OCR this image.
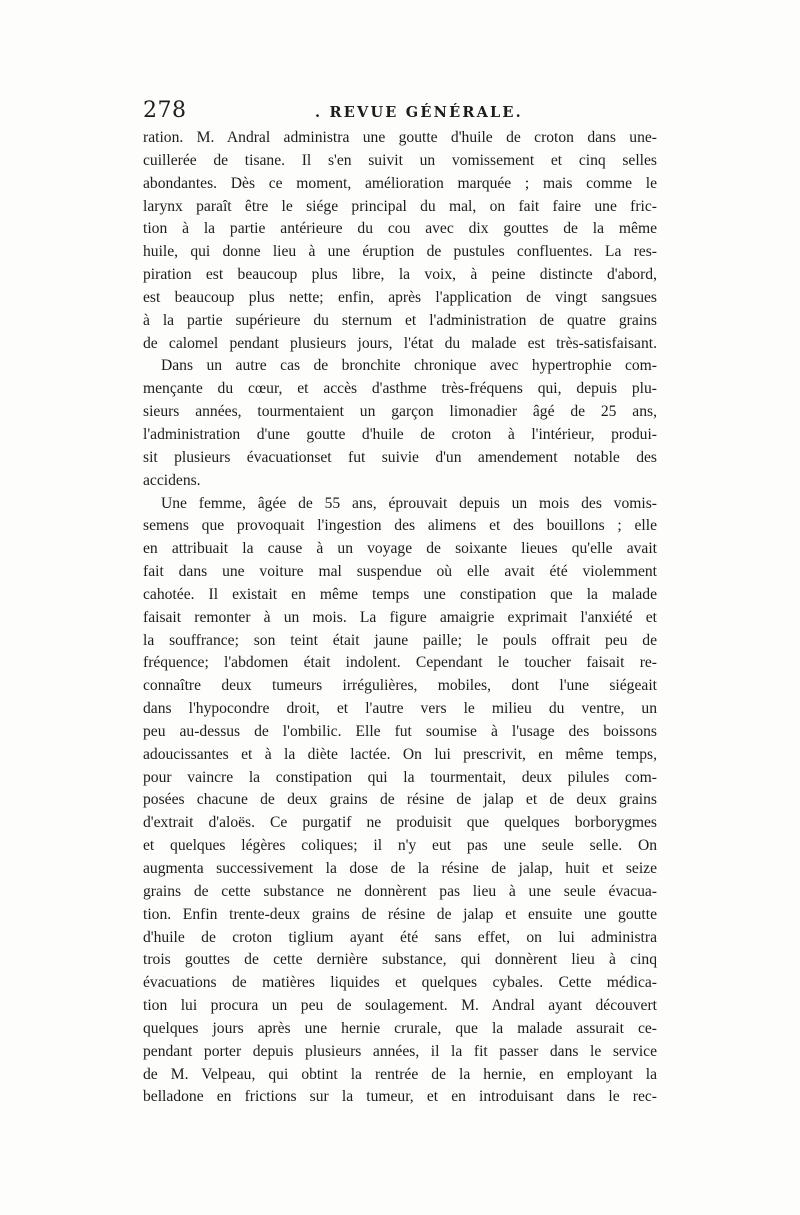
278	. REVUE GÉNÉRALE.
ration. M. Andral administra une goutte d'huile de croton dans une-
cuillerée de tisane. Il s'en suivit un vomissement et cinq selles
abondantes. Dès ce moment, amélioration marquée ; mais comme le
larynx paraît être le siége principal du mal, on fait faire une fric-
tion à la partie antérieure du cou avec dix gouttes de la même
huile, qui donne lieu à une éruption de pustules confluentes. La res-
piration est beaucoup plus libre, la voix, à peine distincte d'abord,
est beaucoup plus nette; enfin, après l'application de vingt sangsues
à la partie supérieure du sternum et l'administration de quatre grains
de calomel pendant plusieurs jours, l'état du malade est très-satisfaisant.
Dans un autre cas de bronchite chronique avec hypertrophie com-
mençante du cœur, et accès d'asthme très-fréquens qui, depuis plu-
sieurs années, tourmentaient un garçon limonadier âgé de 25 ans,
l'administration d'une goutte d'huile de croton à l'intérieur, produi-
sit plusieurs évacuationset fut suivie d'un amendement notable des
accidens.
Une femme, âgée de 55 ans, éprouvait depuis un mois des vomis-
semens que provoquait l'ingestion des alimens et des bouillons ; elle
en attribuait la cause à un voyage de soixante lieues qu'elle avait
fait dans une voiture mal suspendue où elle avait été violemment
cahotée. Il existait en même temps une constipation que la malade
faisait remonter à un mois. La figure amaigrie exprimait l'anxiété et
la souffrance; son teint était jaune paille; le pouls offrait peu de
fréquence; l'abdomen était indolent. Cependant le toucher faisait re-
connaître deux tumeurs irrégulières, mobiles, dont l'une siégeait
dans l'hypocondre droit, et l'autre vers le milieu du ventre, un
peu au-dessus de l'ombilic. Elle fut soumise à l'usage des boissons
adoucissantes et à la diète lactée. On lui prescrivit, en même temps,
pour vaincre la constipation qui la tourmentait, deux pilules com-
posées chacune de deux grains de résine de jalap et de deux grains
d'extrait d'aloës. Ce purgatif ne produisit que quelques borborygmes
et quelques légères coliques; il n'y eut pas une seule selle. On
augmenta successivement la dose de la résine de jalap, huit et seize
grains de cette substance ne donnèrent pas lieu à une seule évacua-
tion. Enfin trente-deux grains de résine de jalap et ensuite une goutte
d'huile de croton tiglium ayant été sans effet, on lui administra
trois gouttes de cette dernière substance, qui donnèrent lieu à cinq
évacuations de matières liquides et quelques cybales. Cette médica-
tion lui procura un peu de soulagement. M. Andral ayant découvert
quelques jours après une hernie crurale, que la malade assurait ce-
pendant porter depuis plusieurs années, il la fit passer dans le service
de M. Velpeau, qui obtint la rentrée de la hernie, en employant la
belladone en frictions sur la tumeur, et en introduisant dans le rec-
